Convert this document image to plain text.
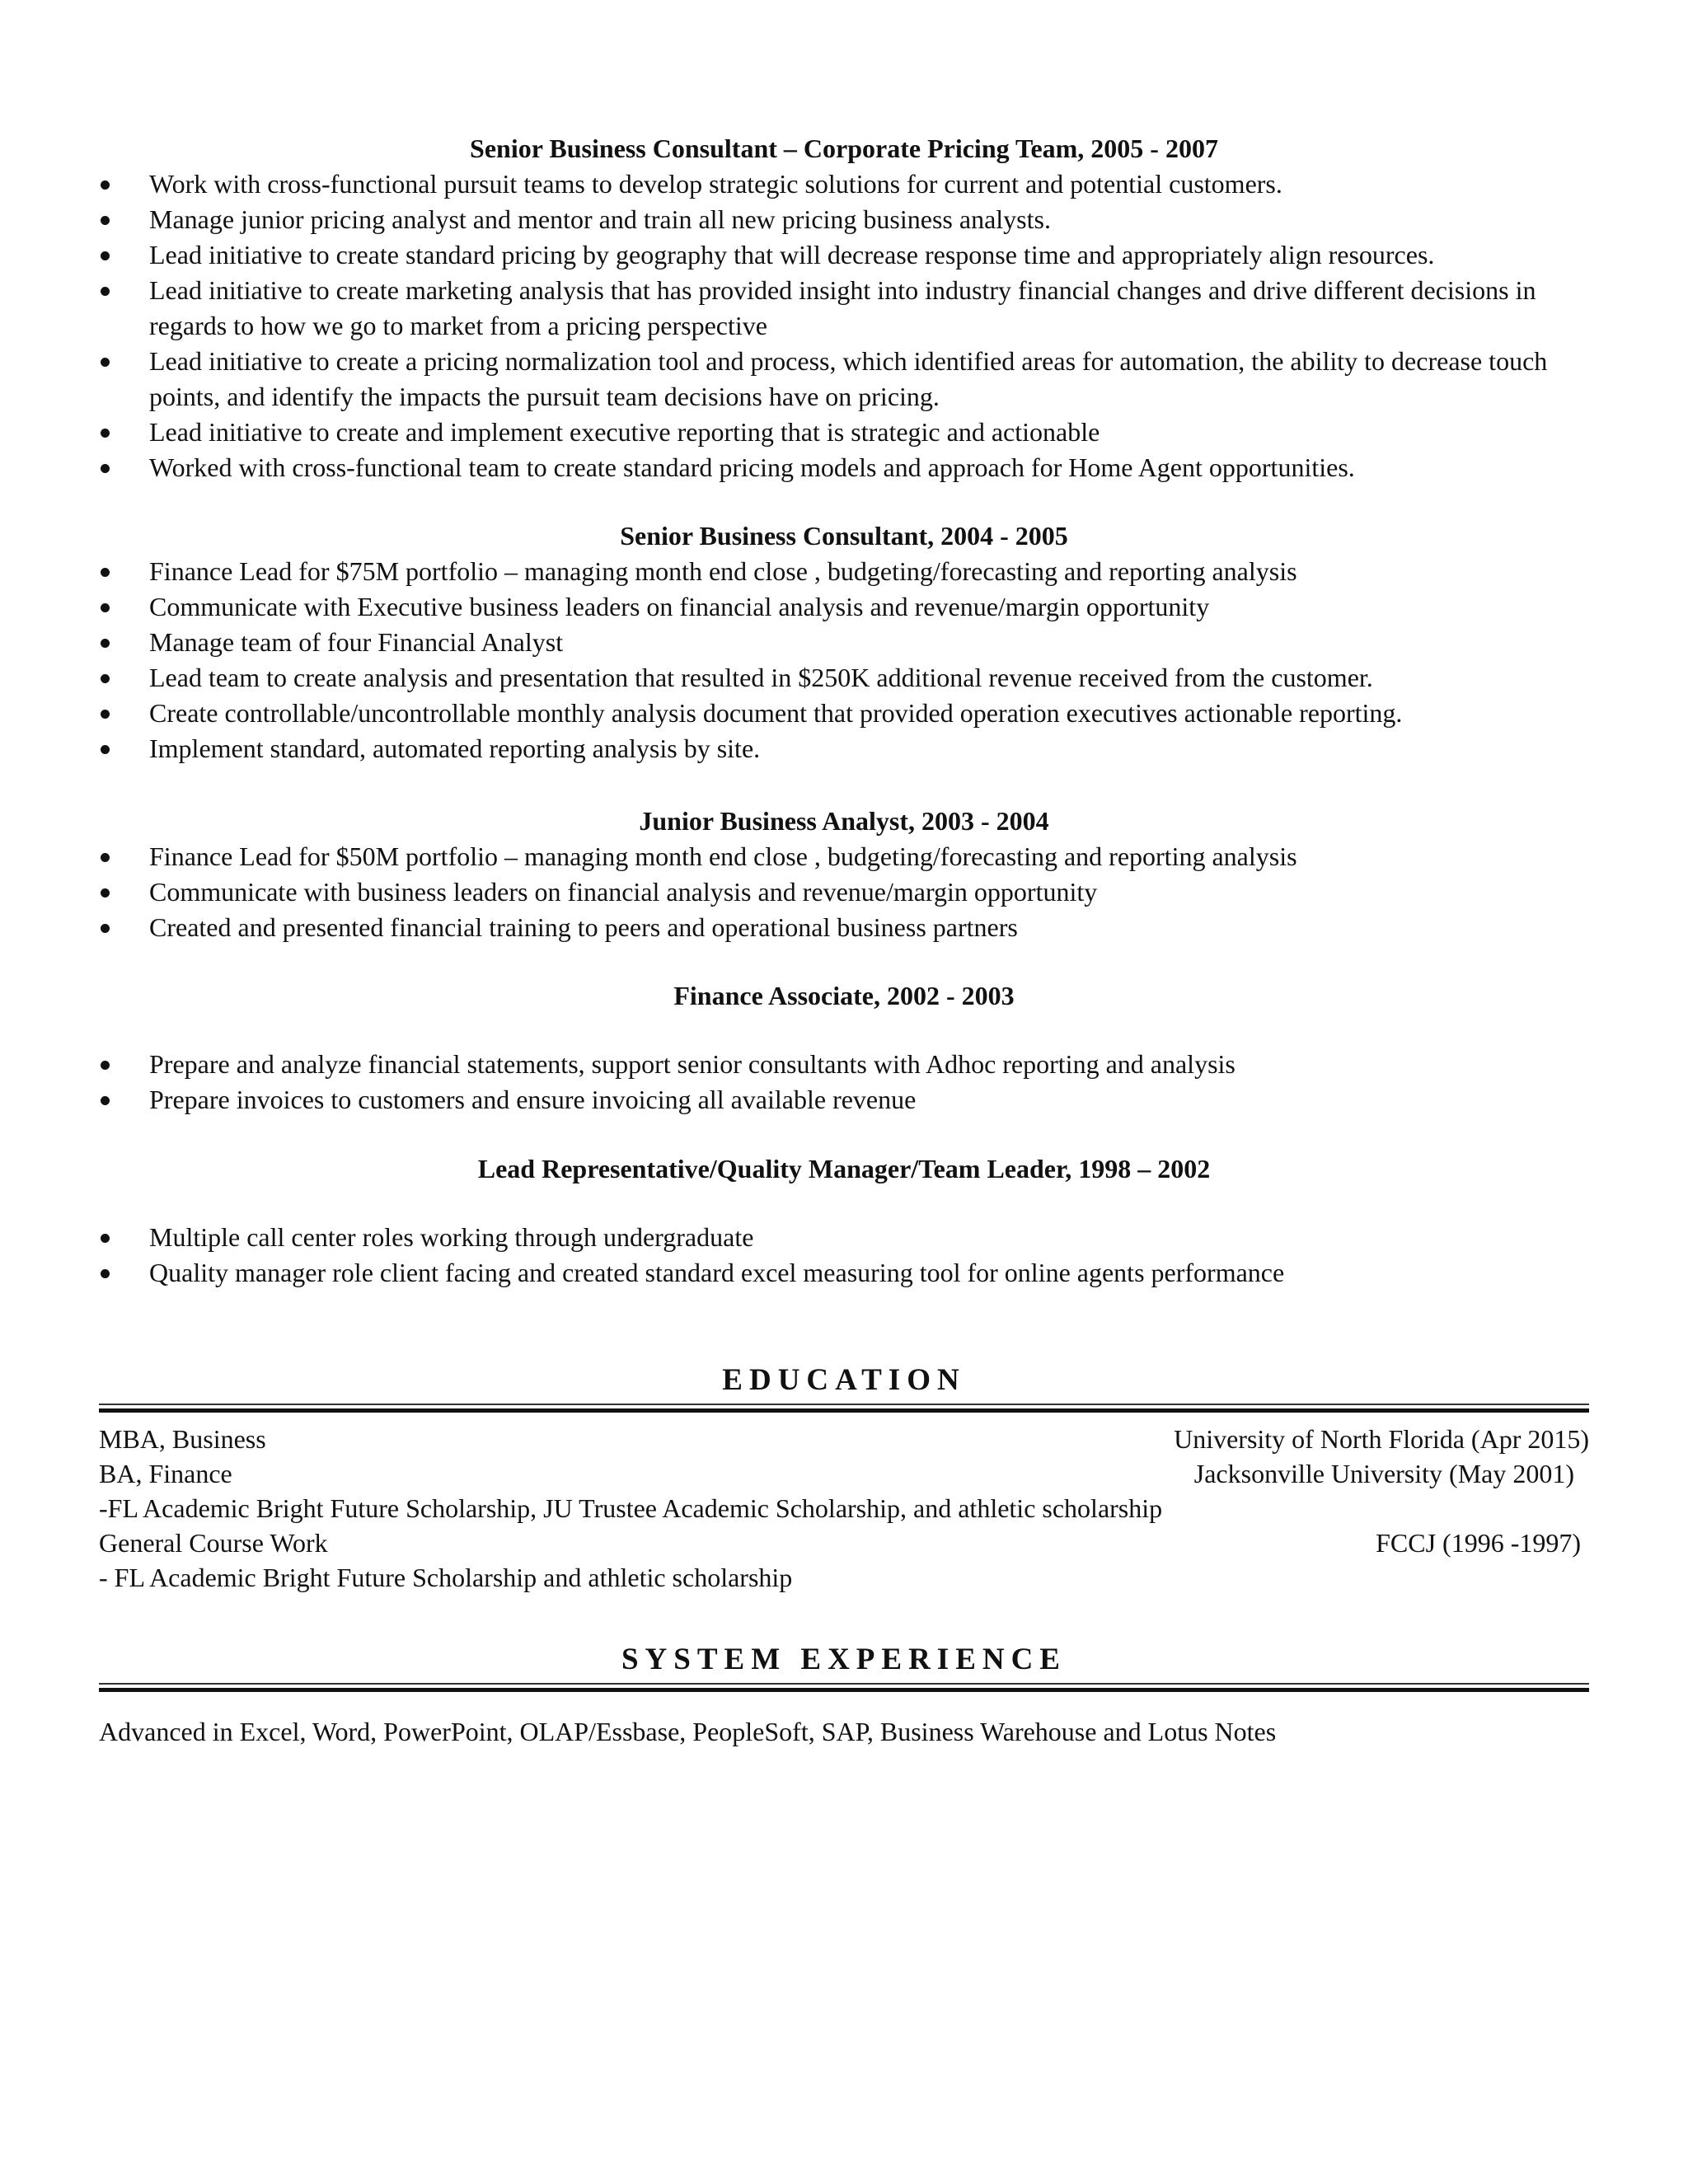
Senior Business Consultant – Corporate Pricing Team, 2005 - 2007

Work with cross-functional pursuit teams to develop strategic solutions for current and potential customers.
Manage junior pricing analyst and mentor and train all new pricing business analysts.
Lead initiative to create standard pricing by geography that will decrease response time and appropriately align resources.
Lead initiative to create marketing analysis that has provided insight into industry financial changes and drive different decisions in regards to how we go to market from a pricing perspective
Lead initiative to create a pricing normalization tool and process, which identified areas for automation, the ability to decrease touch points, and identify the impacts the pursuit team decisions have on pricing.
Lead initiative to create and implement executive reporting that is strategic and actionable
Worked with cross-functional team to create standard pricing models and approach for Home Agent opportunities.

Senior Business Consultant, 2004 - 2005

Finance Lead for $75M portfolio – managing month end close , budgeting/forecasting and reporting analysis
Communicate with Executive business leaders on financial analysis and revenue/margin opportunity
Manage team of four Financial Analyst
Lead team to create analysis and presentation that resulted in $250K additional revenue received from the customer.
Create controllable/uncontrollable monthly analysis document that provided operation executives actionable reporting.
Implement standard, automated reporting analysis by site.

Junior Business Analyst, 2003 - 2004

Finance Lead for $50M portfolio – managing month end close , budgeting/forecasting and reporting analysis
Communicate with business leaders on financial analysis and revenue/margin opportunity
Created and presented financial training to peers and operational business partners

Finance Associate, 2002 - 2003

Prepare and analyze financial statements, support senior consultants with Adhoc reporting and analysis
Prepare invoices to customers and ensure invoicing all available revenue

Lead Representative/Quality Manager/Team Leader, 1998 – 2002

Multiple call center roles working through undergraduate
Quality manager role client facing and created standard excel measuring tool for online agents performance

EDUCATION

MBA, Business	University of North Florida (Apr 2015)
BA, Finance	Jacksonville University (May 2001)

-FL Academic Bright Future Scholarship, JU Trustee Academic Scholarship, and athletic scholarship

General Course Work	FCCJ (1996 -1997)

- FL Academic Bright Future Scholarship and athletic scholarship

SYSTEM EXPERIENCE

Advanced in Excel, Word, PowerPoint, OLAP/Essbase, PeopleSoft, SAP, Business Warehouse and Lotus Notes
